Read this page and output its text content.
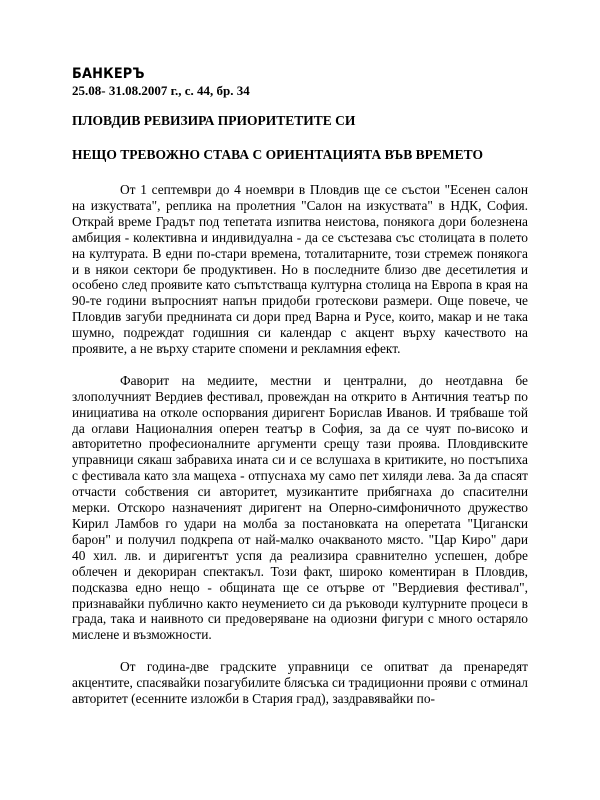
БАНКЕРЪ
25.08- 31.08.2007 г., с. 44, бр. 34
ПЛОВДИВ РЕВИЗИРА ПРИОРИТЕТИТЕ СИ
НЕЩО ТРЕВОЖНО СТАВА С ОРИЕНТАЦИЯТА ВЪВ ВРЕМЕТО

От 1 септември до 4 ноември в Пловдив ще се състои "Есенен салон на изкуствата", реплика на пролетния "Салон на изкуствата" в НДК, София. Открай време Градът под тепетата изпитва неистова, понякога дори болезнена амбиция - колективна и индивидуална - да се състезава със столицата в полето на културата. В едни по-стари времена, тоталитарните, този стремеж понякога и в някои сектори бе продуктивен. Но в последните близо две десетилетия и особено след проявите като съпътстваща културна столица на Европа в края на 90-те години въпросният напън придоби гротескови размери. Още повече, че Пловдив загуби преднината си дори пред Варна и Русе, които, макар и не така шумно, подреждат годишния си календар с акцент върху качеството на проявите, а не върху старите спомени и рекламния ефект.

Фаворит на медиите, местни и централни, до неотдавна бе злополучният Вердиев фестивал, провеждан на открито в Античния театър по инициатива на отколе оспорвания диригент Борислав Иванов. И трябваше той да оглави Националния оперен театър в София, за да се чуят по-високо и авторитетно професионалните аргументи срещу тази проява. Пловдивските управници сякаш забравиха ината си и се вслушаха в критиките, но постъпиха с фестивала като зла мащеха - отпуснаха му само пет хиляди лева. За да спасят отчасти собствения си авторитет, музикантите прибягнаха до спасителни мерки. Отскоро назначеният диригент на Оперно-симфоничното дружество Кирил Ламбов го удари на молба за постановката на оперетата "Цигански барон" и получил подкрепа от най-малко очакваното място. "Цар Киро" дари 40 хил. лв. и диригентът успя да реализира сравнително успешен, добре облечен и декориран спектакъл. Този факт, широко коментиран в Пловдив, подсказва едно нещо - общината ще се отърве от "Вердиевия фестивал", признавайки публично както неумението си да ръководи културните процеси в града, така и наивното си предоверяване на одиозни фигури с много остаряло мислене и възможности.

От година-две градските управници се опитват да пренаредят акцентите, спасявайки позагубилите блясъка си традиционни прояви с отминал авторитет (есенните изложби в Стария град), заздравявайки по-
